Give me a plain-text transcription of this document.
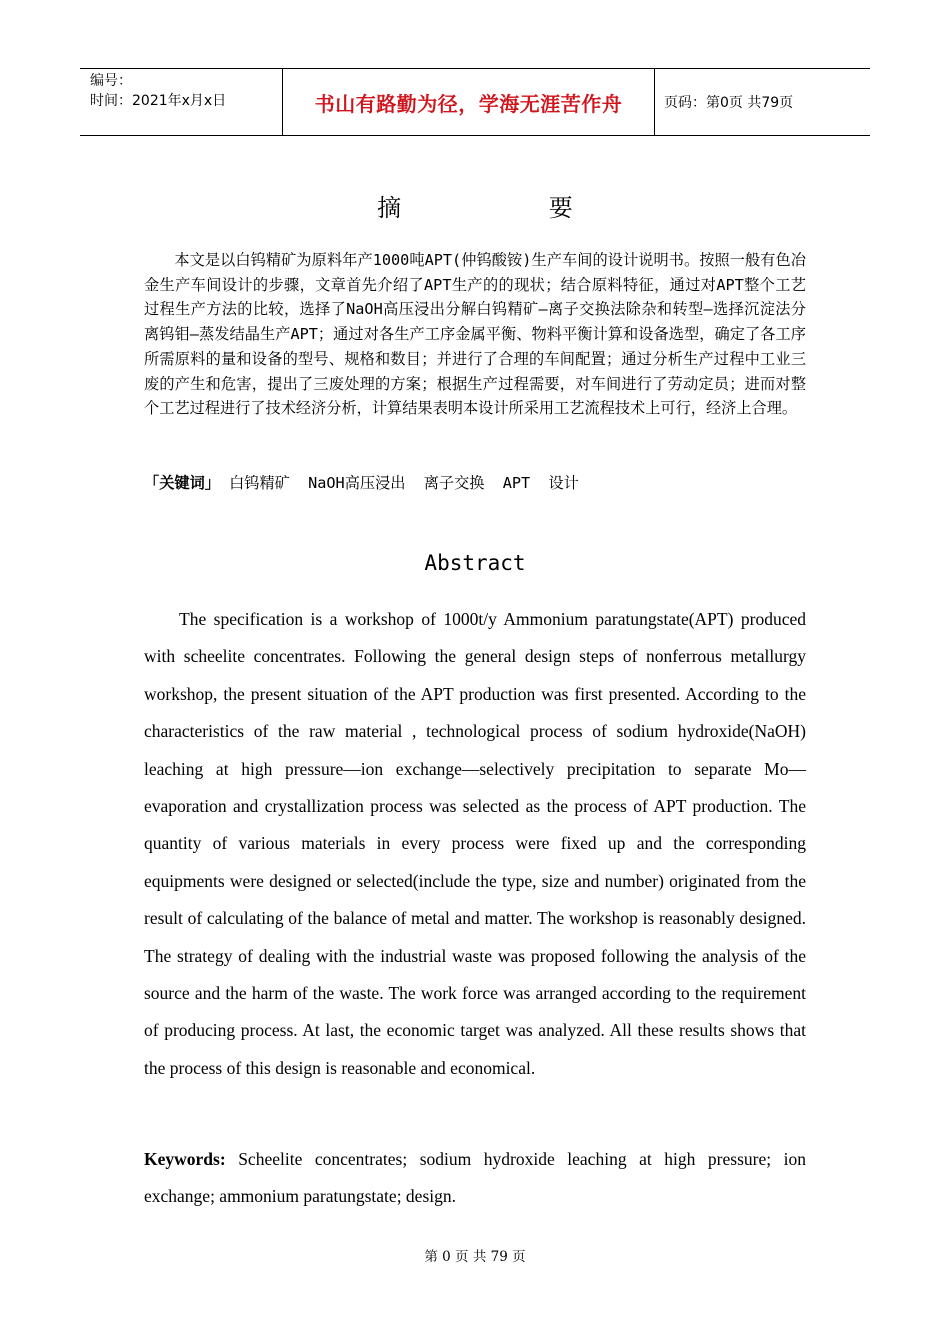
编号：
时间：2021年x月x日	书山有路勤为径，学海无涯苦作舟	页码：第0页 共79页
摘 要

本文是以白钨精矿为原料年产1000吨APT(仲钨酸铵)生产车间的设计说明书。按照一般有色冶金生产车间设计的步骤，文章首先介绍了APT生产的的现状；结合原料特征，通过对APT整个工艺过程生产方法的比较，选择了NaOH高压浸出分解白钨精矿—离子交换法除杂和转型—选择沉淀法分离钨钼—蒸发结晶生产APT；通过对各生产工序金属平衡、物料平衡计算和设备选型，确定了各工序所需原料的量和设备的型号、规格和数目；并进行了合理的车间配置；通过分析生产过程中工业三废的产生和危害，提出了三废处理的方案；根据生产过程需要，对车间进行了劳动定员；进而对整个工艺过程进行了技术经济分析，计算结果表明本设计所采用工艺流程技术上可行，经济上合理。

「关键词」 白钨精矿  NaOH高压浸出  离子交换  APT  设计
Abstract

The specification is a workshop of 1000t/y Ammonium paratungstate(APT) produced with scheelite concentrates. Following the general design steps of nonferrous metallurgy workshop, the present situation of the APT production was first presented. According to the characteristics of the raw material , technological process of sodium hydroxide(NaOH) leaching at high pressure—ion exchange—selectively precipitation to separate Mo—evaporation and crystallization process was selected as the process of APT production. The quantity of various materials in every process were fixed up and the corresponding equipments were designed or selected(include the type, size and number) originated from the result of calculating of the balance of metal and matter. The workshop is reasonably designed. The strategy of dealing with the industrial waste was proposed following the analysis of the source and the harm of the waste. The work force was arranged according to the requirement of producing process. At last, the economic target was analyzed. All these results shows that the process of this design is reasonable and economical.

Keywords: Scheelite concentrates; sodium hydroxide leaching at high pressure; ion exchange; ammonium paratungstate; design.

第 0 页 共 79 页
